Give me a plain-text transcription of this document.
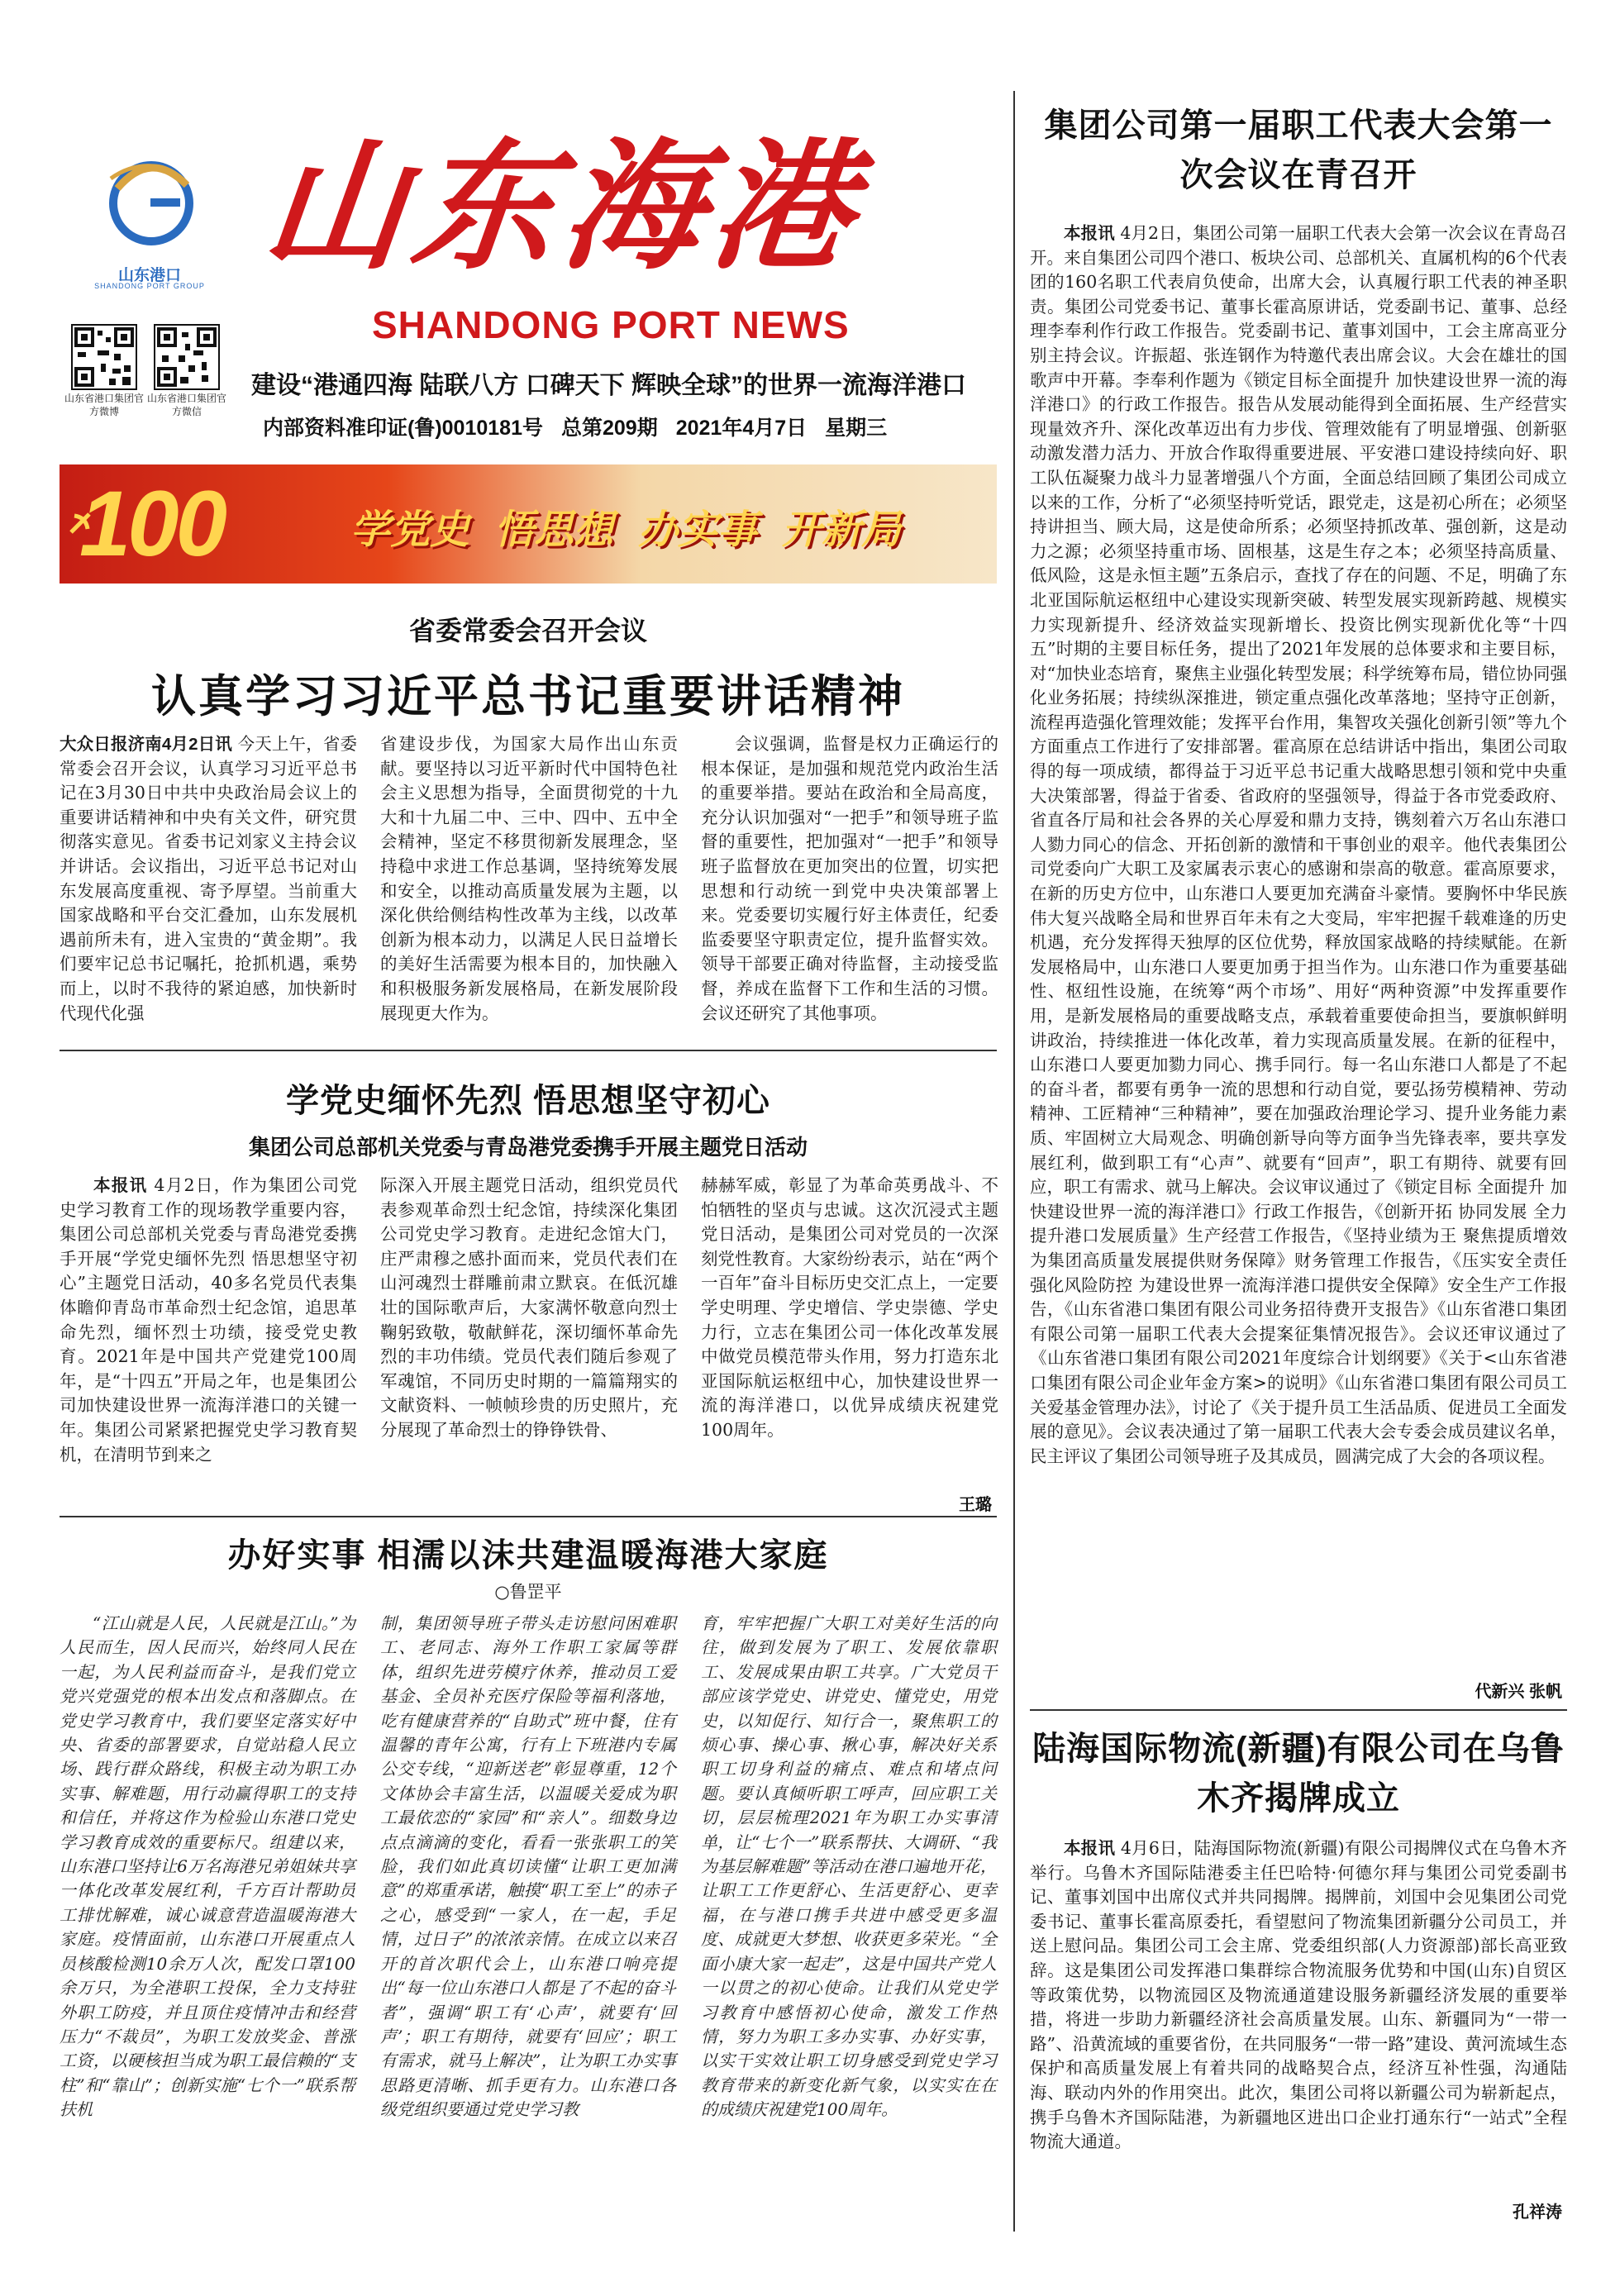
山东港口
SHANDONG PORT GROUP 山东海港
SHANDONG PORT NEWS
山东省港口集团官方微博
山东省港口集团官方微信
建设“港通四海 陆联八方 口碑天下 辉映全球”的世界一流海洋港口
内部资料准印证(鲁)0010181号 总第209期 2021年4月7日 星期三
100	学党史 悟思想 办实事 开新局
省委常委会召开会议
认真学习习近平总书记重要讲话精神

大众日报济南4月2日讯 今天上午，省委常委会召开会议，认真学习习近平总书记在3月30日中共中央政治局会议上的重要讲话精神和中央有关文件，研究贯彻落实意见。省委书记刘家义主持会议并讲话。会议指出，习近平总书记对山东发展高度重视、寄予厚望。当前重大国家战略和平台交汇叠加，山东发展机遇前所未有，进入宝贵的“黄金期”。我们要牢记总书记嘱托，抢抓机遇，乘势而上，以时不我待的紧迫感，加快新时代现代化强

省建设步伐，为国家大局作出山东贡献。要坚持以习近平新时代中国特色社会主义思想为指导，全面贯彻党的十九大和十九届二中、三中、四中、五中全会精神，坚定不移贯彻新发展理念，坚持稳中求进工作总基调，坚持统筹发展和安全，以推动高质量发展为主题，以深化供给侧结构性改革为主线，以改革创新为根本动力，以满足人民日益增长的美好生活需要为根本目的，加快融入和积极服务新发展格局，在新发展阶段展现更大作为。

会议强调，监督是权力正确运行的根本保证，是加强和规范党内政治生活的重要举措。要站在政治和全局高度，充分认识加强对“一把手”和领导班子监督的重要性，把加强对“一把手”和领导班子监督放在更加突出的位置，切实把思想和行动统一到党中央决策部署上来。党委要切实履行好主体责任，纪委监委要坚守职责定位，提升监督实效。领导干部要正确对待监督，主动接受监督，养成在监督下工作和生活的习惯。会议还研究了其他事项。

学党史缅怀先烈 悟思想坚守初心
集团公司总部机关党委与青岛港党委携手开展主题党日活动

本报讯 4月2日，作为集团公司党史学习教育工作的现场教学重要内容，集团公司总部机关党委与青岛港党委携手开展“学党史缅怀先烈 悟思想坚守初心”主题党日活动，40多名党员代表集体瞻仰青岛市革命烈士纪念馆，追思革命先烈，缅怀烈士功绩，接受党史教育。2021年是中国共产党建党100周年，是“十四五”开局之年，也是集团公司加快建设世界一流海洋港口的关键一年。集团公司紧紧把握党史学习教育契机，在清明节到来之

际深入开展主题党日活动，组织党员代表参观革命烈士纪念馆，持续深化集团公司党史学习教育。走进纪念馆大门，庄严肃穆之感扑面而来，党员代表们在山河魂烈士群雕前肃立默哀。在低沉雄壮的国际歌声后，大家满怀敬意向烈士鞠躬致敬，敬献鲜花，深切缅怀革命先烈的丰功伟绩。党员代表们随后参观了军魂馆，不同历史时期的一篇篇翔实的文献资料、一帧帧珍贵的历史照片，充分展现了革命烈士的铮铮铁骨、

赫赫军威，彰显了为革命英勇战斗、不怕牺牲的坚贞与忠诚。这次沉浸式主题党日活动，是集团公司对党员的一次深刻党性教育。大家纷纷表示，站在“两个一百年”奋斗目标历史交汇点上，一定要学史明理、学史增信、学史崇德、学史力行，立志在集团公司一体化改革发展中做党员模范带头作用，努力打造东北亚国际航运枢纽中心，加快建设世界一流的海洋港口，以优异成绩庆祝建党100周年。

王璐
办好实事 相濡以沫共建温暖海港大家庭
○鲁罡平

“江山就是人民，人民就是江山。”为人民而生，因人民而兴，始终同人民在一起，为人民利益而奋斗，是我们党立党兴党强党的根本出发点和落脚点。在党史学习教育中，我们要坚定落实好中央、省委的部署要求，自觉站稳人民立场、践行群众路线，积极主动为职工办实事、解难题，用行动赢得职工的支持和信任，并将这作为检验山东港口党史学习教育成效的重要标尺。组建以来，山东港口坚持让6万名海港兄弟姐妹共享一体化改革发展红利，千方百计帮助员工排忧解难，诚心诚意营造温暖海港大家庭。疫情面前，山东港口开展重点人员核酸检测10余万人次，配发口罩100余万只，为全港职工投保，全力支持驻外职工防疫，并且顶住疫情冲击和经营压力“不裁员”，为职工发放奖金、普涨工资，以硬核担当成为职工最信赖的“支柱”和“靠山”；创新实施“七个一”联系帮扶机

制，集团领导班子带头走访慰问困难职工、老同志、海外工作职工家属等群体，组织先进劳模疗休养，推动员工爱基金、全员补充医疗保险等福利落地，吃有健康营养的“自助式”班中餐，住有温馨的青年公寓，行有上下班港内专属公交专线，“迎新送老”彰显尊重，12个文体协会丰富生活，以温暖关爱成为职工最依恋的“家园”和“亲人”。细数身边点点滴滴的变化，看看一张张职工的笑脸，我们如此真切读懂“让职工更加满意”的郑重承诺，触摸“职工至上”的赤子之心，感受到“一家人，在一起，手足情，过日子”的浓浓亲情。在成立以来召开的首次职代会上，山东港口响亮提出“每一位山东港口人都是了不起的奋斗者”，强调“职工有‘心声’，就要有‘回声’；职工有期待，就要有‘回应’；职工有需求，就马上解决”，让为职工办实事思路更清晰、抓手更有力。山东港口各级党组织要通过党史学习教

育，牢牢把握广大职工对美好生活的向往，做到发展为了职工、发展依靠职工、发展成果由职工共享。广大党员干部应该学党史、讲党史、懂党史，用党史，以知促行、知行合一，聚焦职工的烦心事、操心事、揪心事，解决好关系职工切身利益的痛点、难点和堵点问题。要认真倾听职工呼声，回应职工关切，层层梳理2021年为职工办实事清单，让“七个一”联系帮扶、大调研、“我为基层解难题”等活动在港口遍地开花，让职工工作更舒心、生活更舒心、更幸福，在与港口携手共进中感受更多温度、成就更大梦想、收获更多荣光。“全面小康大家一起走”，这是中国共产党人一以贯之的初心使命。让我们从党史学习教育中感悟初心使命，激发工作热情，努力为职工多办实事、办好实事，以实干实效让职工切身感受到党史学习教育带来的新变化新气象，以实实在在的成绩庆祝建党100周年。

集团公司第一届职工代表大会第一次会议在青召开

本报讯 4月2日，集团公司第一届职工代表大会第一次会议在青岛召开。来自集团公司四个港口、板块公司、总部机关、直属机构的6个代表团的160名职工代表肩负使命，出席大会，认真履行职工代表的神圣职责。集团公司党委书记、董事长霍高原讲话，党委副书记、董事、总经理李奉利作行政工作报告。党委副书记、董事刘国中，工会主席高亚分别主持会议。许振超、张连钢作为特邀代表出席会议。大会在雄壮的国歌声中开幕。李奉利作题为《锁定目标全面提升 加快建设世界一流的海洋港口》的行政工作报告。报告从发展动能得到全面拓展、生产经营实现量效齐升、深化改革迈出有力步伐、管理效能有了明显增强、创新驱动激发潜力活力、开放合作取得重要进展、平安港口建设持续向好、职工队伍凝聚力战斗力显著增强八个方面，全面总结回顾了集团公司成立以来的工作，分析了“必须坚持听党话，跟党走，这是初心所在；必须坚持讲担当、顾大局，这是使命所系；必须坚持抓改革、强创新，这是动力之源；必须坚持重市场、固根基，这是生存之本；必须坚持高质量、低风险，这是永恒主题”五条启示，查找了存在的问题、不足，明确了东北亚国际航运枢纽中心建设实现新突破、转型发展实现新跨越、规模实力实现新提升、经济效益实现新增长、投资比例实现新优化等“十四五”时期的主要目标任务，提出了2021年发展的总体要求和主要目标，对“加快业态培育，聚焦主业强化转型发展；科学统筹布局，错位协同强化业务拓展；持续纵深推进，锁定重点强化改革落地；坚持守正创新，流程再造强化管理效能；发挥平台作用，集智攻关强化创新引领”等九个方面重点工作进行了安排部署。霍高原在总结讲话中指出，集团公司取得的每一项成绩，都得益于习近平总书记重大战略思想引领和党中央重大决策部署，得益于省委、省政府的坚强领导，得益于各市党委政府、省直各厅局和社会各界的关心厚爱和鼎力支持，镌刻着六万名山东港口人勠力同心的信念、开拓创新的激情和干事创业的艰辛。他代表集团公司党委向广大职工及家属表示衷心的感谢和崇高的敬意。霍高原要求，在新的历史方位中，山东港口人要更加充满奋斗豪情。要胸怀中华民族伟大复兴战略全局和世界百年未有之大变局，牢牢把握千载难逢的历史机遇，充分发挥得天独厚的区位优势，释放国家战略的持续赋能。在新发展格局中，山东港口人要更加勇于担当作为。山东港口作为重要基础性、枢纽性设施，在统筹“两个市场”、用好“两种资源”中发挥重要作用，是新发展格局的重要战略支点，承载着重要使命担当，要旗帜鲜明讲政治，持续推进一体化改革，着力实现高质量发展。在新的征程中，山东港口人要更加勠力同心、携手同行。每一名山东港口人都是了不起的奋斗者，都要有勇争一流的思想和行动自觉，要弘扬劳模精神、劳动精神、工匠精神“三种精神”，要在加强政治理论学习、提升业务能力素质、牢固树立大局观念、明确创新导向等方面争当先锋表率，要共享发展红利，做到职工有“心声”、就要有“回声”，职工有期待、就要有回应，职工有需求、就马上解决。会议审议通过了《锁定目标 全面提升 加快建设世界一流的海洋港口》行政工作报告，《创新开拓 协同发展 全力提升港口发展质量》生产经营工作报告，《坚持业绩为王 聚焦提质增效 为集团高质量发展提供财务保障》财务管理工作报告，《压实安全责任 强化风险防控 为建设世界一流海洋港口提供安全保障》安全生产工作报告，《山东省港口集团有限公司业务招待费开支报告》《山东省港口集团有限公司第一届职工代表大会提案征集情况报告》。会议还审议通过了《山东省港口集团有限公司2021年度综合计划纲要》《关于<山东省港口集团有限公司企业年金方案>的说明》《山东省港口集团有限公司员工关爱基金管理办法》，讨论了《关于提升员工生活品质、促进员工全面发展的意见》。会议表决通过了第一届职工代表大会专委会成员建议名单，民主评议了集团公司领导班子及其成员，圆满完成了大会的各项议程。

代新兴 张帆
陆海国际物流(新疆)有限公司在乌鲁木齐揭牌成立

本报讯 4月6日，陆海国际物流(新疆)有限公司揭牌仪式在乌鲁木齐举行。乌鲁木齐国际陆港委主任巴哈特·何德尔拜与集团公司党委副书记、董事刘国中出席仪式并共同揭牌。揭牌前，刘国中会见集团公司党委书记、董事长霍高原委托，看望慰问了物流集团新疆分公司员工，并送上慰问品。集团公司工会主席、党委组织部(人力资源部)部长高亚致辞。这是集团公司发挥港口集群综合物流服务优势和中国(山东)自贸区等政策优势，以物流园区及物流通道建设服务新疆经济发展的重要举措，将进一步助力新疆经济社会高质量发展。山东、新疆同为“一带一路”、沿黄流域的重要省份，在共同服务“一带一路”建设、黄河流域生态保护和高质量发展上有着共同的战略契合点，经济互补性强，沟通陆海、联动内外的作用突出。此次，集团公司将以新疆公司为崭新起点，携手乌鲁木齐国际陆港，为新疆地区进出口企业打通东行“一站式”全程物流大通道。

孔祥涛
